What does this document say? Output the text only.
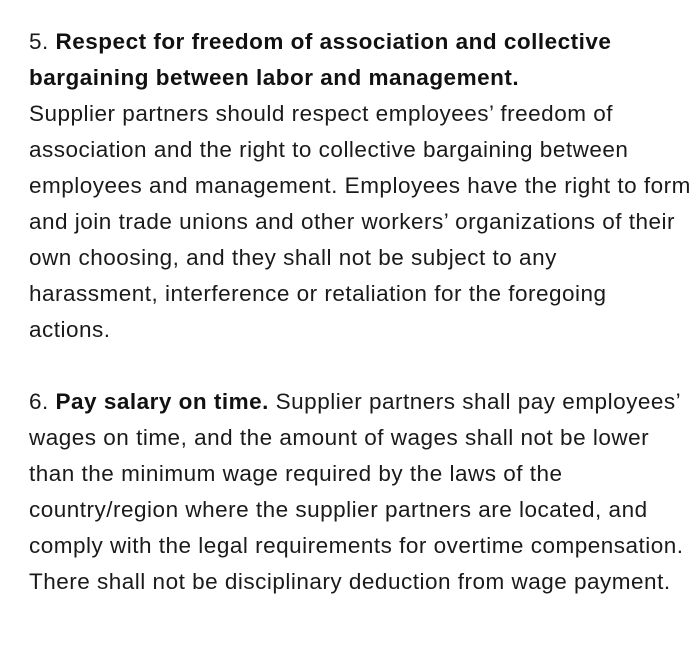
5. Respect for freedom of association and collective bargaining between labor and management.
Supplier partners should respect employees’ freedom of association and the right to collective bargaining between employees and management. Employees have the right to form and join trade unions and other workers’ organizations of their own choosing, and they shall not be subject to any harassment, interference or retaliation for the foregoing actions.

6. Pay salary on time. Supplier partners shall pay employees’ wages on time, and the amount of wages shall not be lower than the minimum wage required by the laws of the country/region where the supplier partners are located, and comply with the legal requirements for overtime compensation. There shall not be disciplinary deduction from wage payment.
